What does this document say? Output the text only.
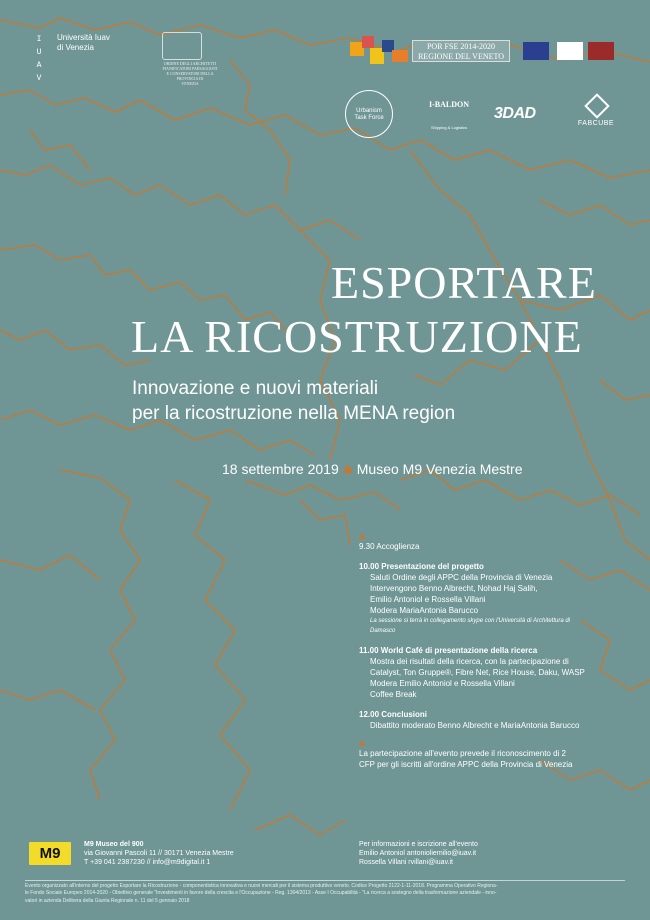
I
U
A
V
Università Iuav
di Venezia
ORDINE DEGLI ARCHITETTI
PIANIFICATORI PAESAGGISTI
E CONSERVATORI DELLA
PROVINCIA DI
VENEZIA
POR FSE 2014-2020
REGIONE DEL VENETO
Urbanism
Task Force
I-BALDON
Shipping & Logistics
3DAD
FABCUBE
ESPORTARE
LA RICOSTRUZIONE
Innovazione e nuovi materiali
per la ricostruzione nella MENA region
18 settembre 2019 Museo M9 Venezia Mestre
9.30 Accoglienza
10.00 Presentazione del progetto
Saluti Ordine degli APPC della Provincia di Venezia
Intervengono Benno Albrecht, Nohad Haj Salih,
Emilio Antoniol e Rossella Villani
Modera MariaAntonia Barucco
La sessione si terrà in collegamento skype con l'Università di Architettura di
Damasco
11.00 World Café di presentazione della ricerca
Mostra dei risultati della ricerca, con la partecipazione di
Catalyst, Ton Gruppe®, Fibre Net, Rice House, Daku, WASP
Modera Emilio Antoniol e Rossella Villani
Coffee Break
12.00 Conclusioni
Dibattito moderato Benno Albrecht e MariaAntonia Barucco
La partecipazione all'evento prevede il riconoscimento di 2
CFP per gli iscritti all'ordine APPC della Provincia di Venezia
M9
M9 Museo del 900
via Giovanni Pascoli 11 // 30171 Venezia Mestre
T +39 041 2387230 // info@m9digital.it 1
Per informazioni e iscrizione all'evento
Emilio Antoniol antonioliemilio@iuav.it
Rossella Villani rvillani@iuav.it
Evento organizzato all'interno del progetto Esportare la Ricostruzione - componentistica innovativa e nuovi mercati per il sistema produttivo veneto. Codice Progetto 2122-1-11-2018. Programma Operativo Regiona-
le Fondo Sociale Europeo 2014-2020 - Obiettivo generale "Investimenti in favore della crescita e l'Occupazione - Reg. 1304/2013 - Asse I Occupabilità - "La ricerca a sostegno della trasformazione aziendale - inno-
vatori in azienda Delibera della Giunta Regionale n. 11 del 5 gennaio 2018
